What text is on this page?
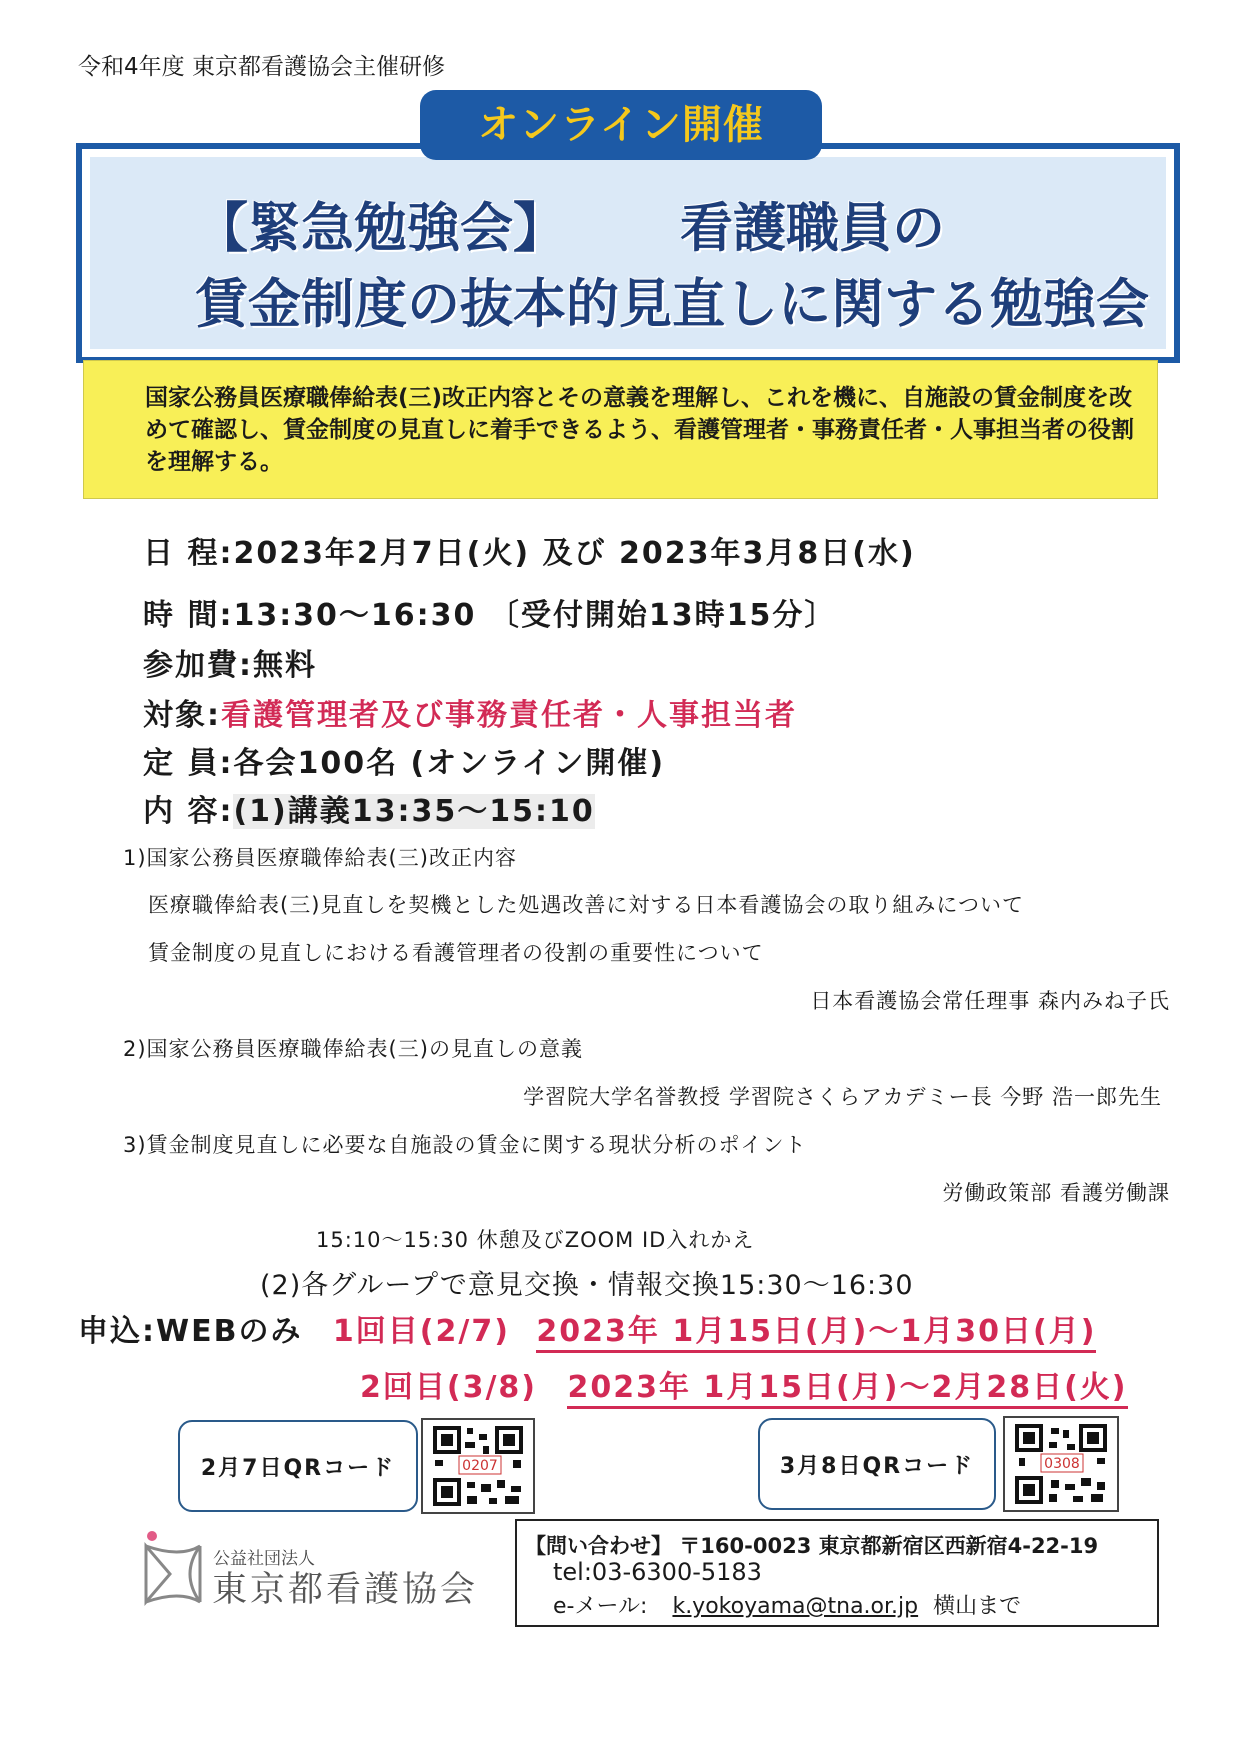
令和4年度 東京都看護協会主催研修
オンライン開催
【緊急勉強会】 看護職員の
賃金制度の抜本的見直しに関する勉強会
国家公務員医療職俸給表(三)改正内容とその意義を理解し、これを機に、自施設の賃金制度を改めて確認し、賃金制度の見直しに着手できるよう、看護管理者・事務責任者・人事担当者の役割を理解する。
日 程:2023年2月7日(火) 及び 2023年3月8日(水)
時 間:13:30～16:30 〔受付開始13時15分〕
参加費:無料
対象:看護管理者及び事務責任者・人事担当者
定 員:各会100名 (オンライン開催)
内 容:(1)講義13:35～15:10
1)国家公務員医療職俸給表(三)改正内容
医療職俸給表(三)見直しを契機とした処遇改善に対する日本看護協会の取り組みについて
賃金制度の見直しにおける看護管理者の役割の重要性について
日本看護協会常任理事 森内みね子氏
2)国家公務員医療職俸給表(三)の見直しの意義
学習院大学名誉教授 学習院さくらアカデミー長 今野 浩一郎先生
3)賃金制度見直しに必要な自施設の賃金に関する現状分析のポイント
労働政策部 看護労働課
15:10～15:30 休憩及びZOOM ID入れかえ
(2)各グループで意見交換・情報交換15:30～16:30
申込:WEBのみ 1回目(2/7) 2023年 1月15日(月)～1月30日(月)
2回目(3/8) 2023年 1月15日(月)～2月28日(火)
2月7日QRコード	0207	3月8日QRコード	0308
公益社団法人
東京都看護協会
【問い合わせ】 〒160-0023 東京都新宿区西新宿4-22-19
tel:03-6300-5183
e-メール: k.yokoyama@tna.or.jp 横山まで
